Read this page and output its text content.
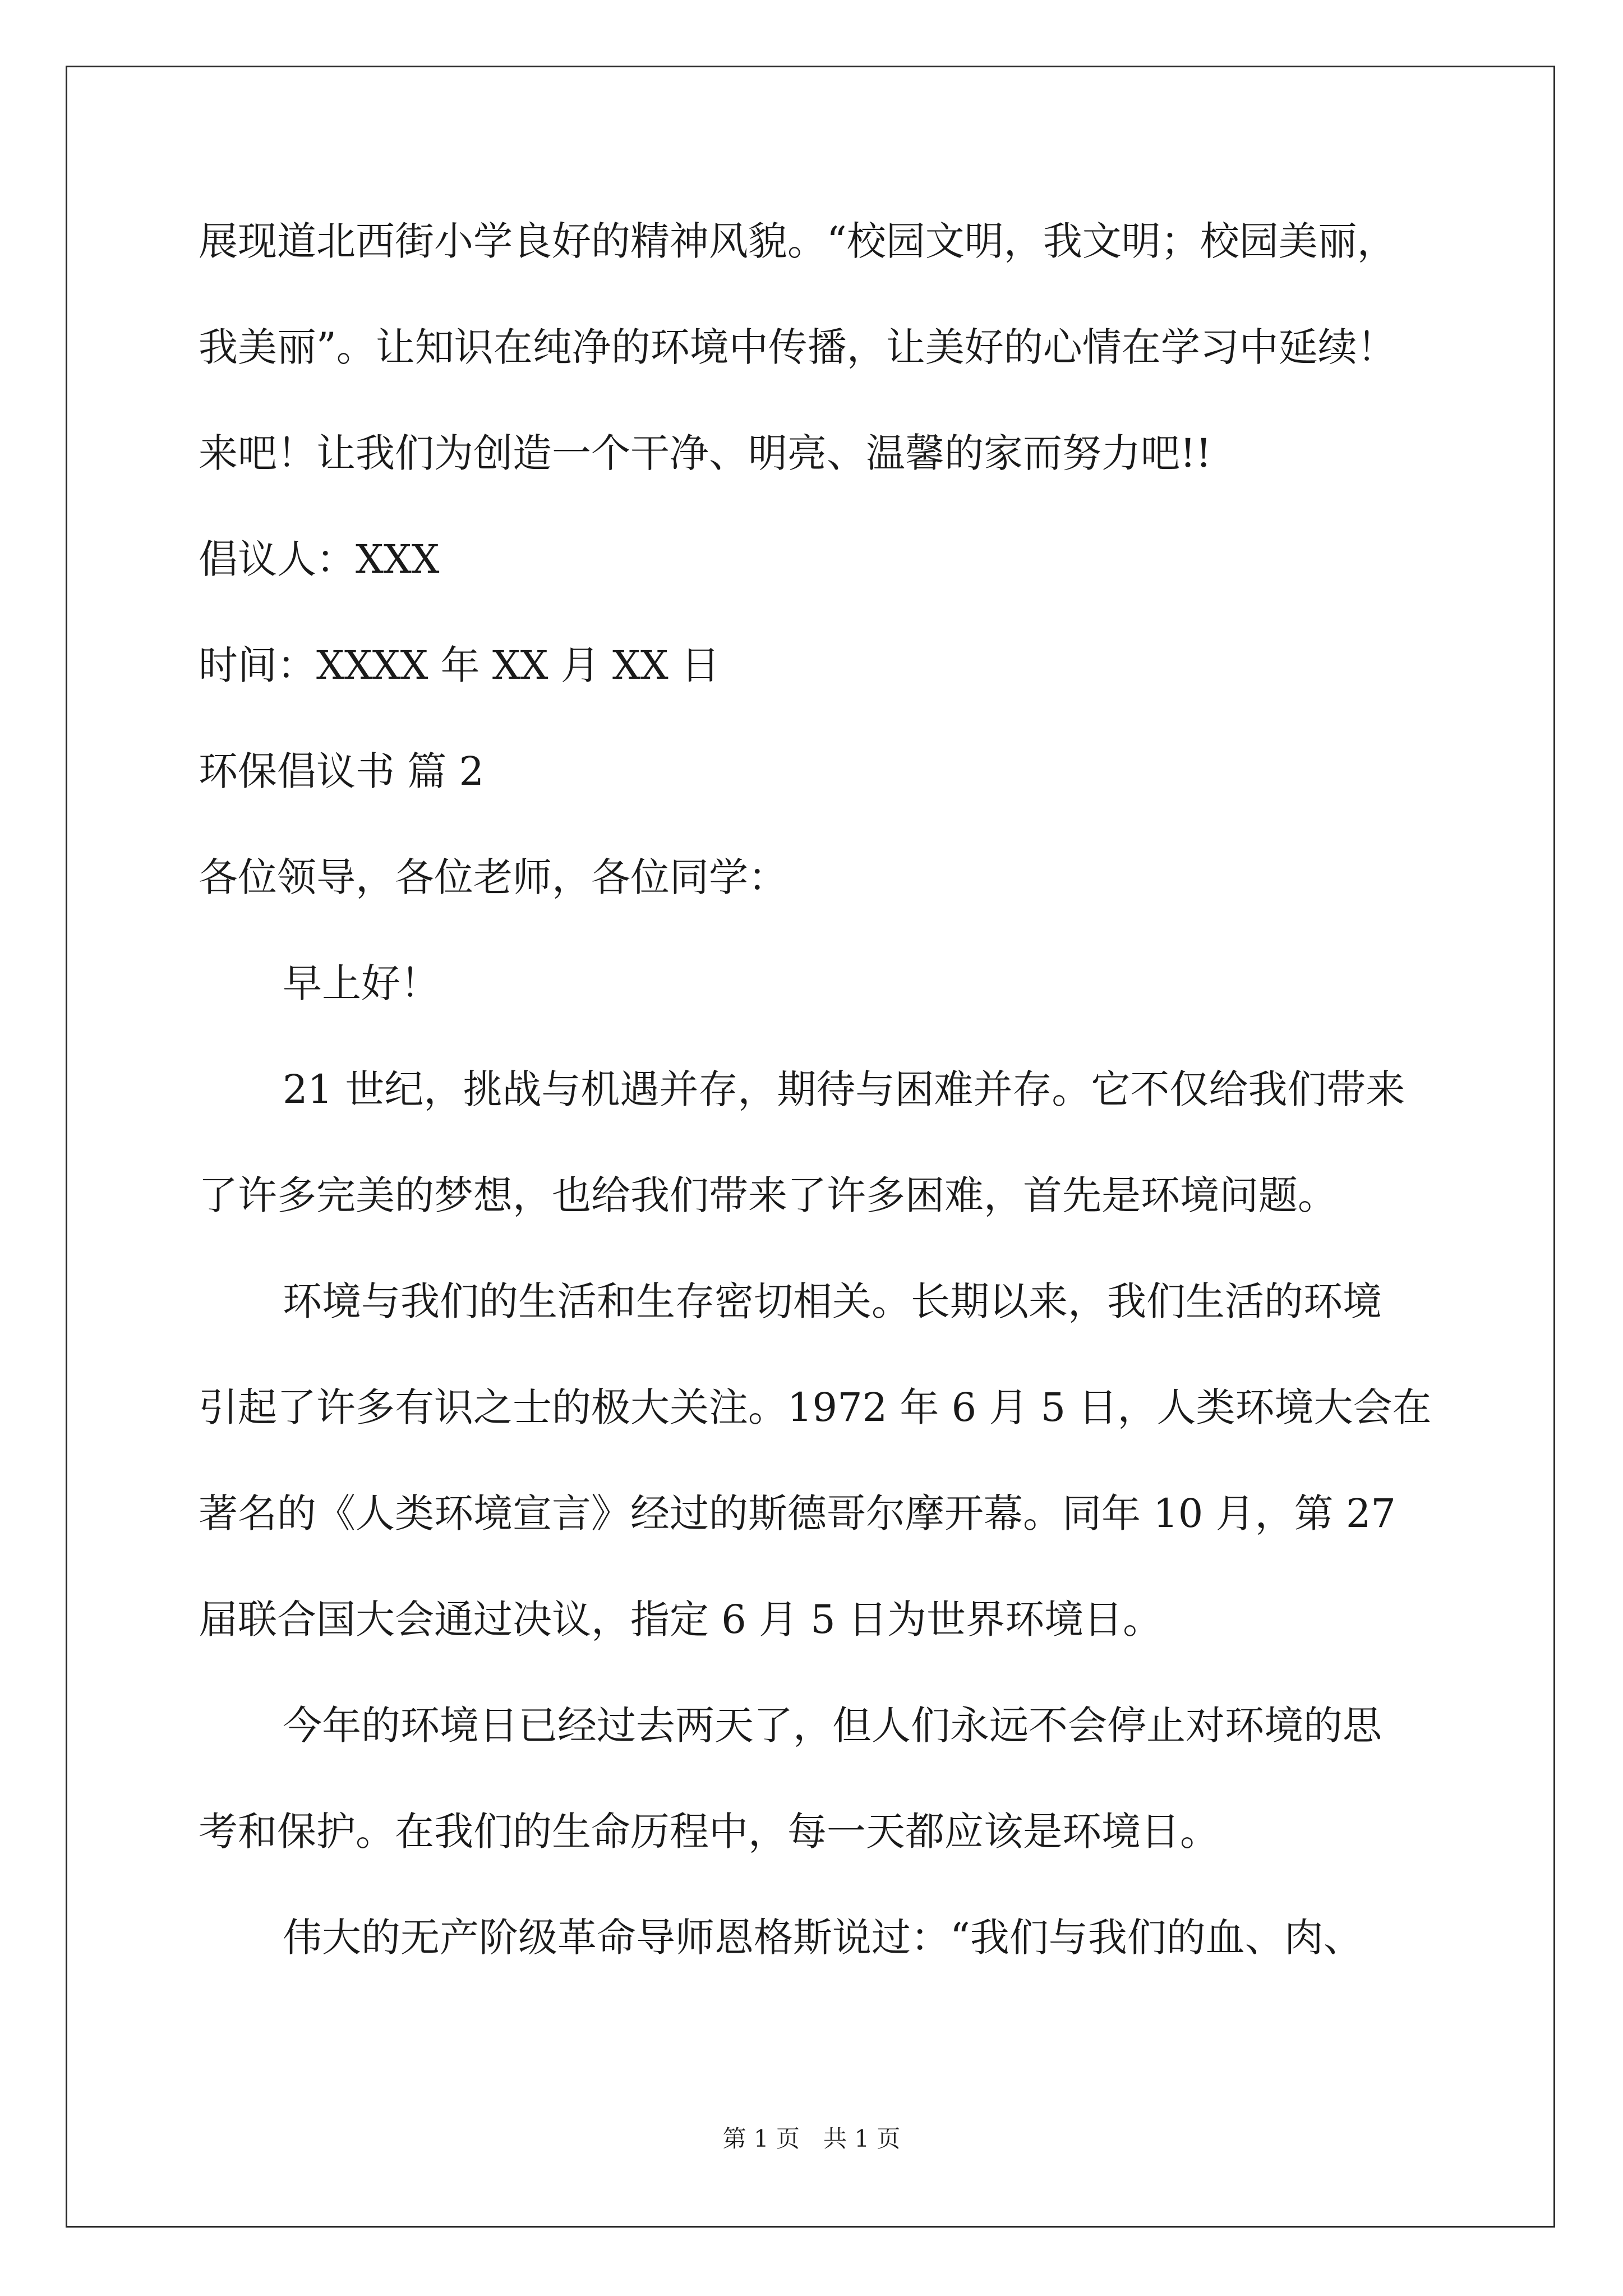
展现道北西街小学良好的精神风貌。“校园文明，我文明；校园美丽，
我美丽”。让知识在纯净的环境中传播，让美好的心情在学习中延续！
来吧！让我们为创造一个干净、明亮、温馨的家而努力吧!!
倡议人：XXX
时间：XXXX 年 XX 月 XX 日
环保倡议书 篇 2
各位领导，各位老师，各位同学：
早上好！
21 世纪，挑战与机遇并存，期待与困难并存。它不仅给我们带来
了许多完美的梦想，也给我们带来了许多困难，首先是环境问题。
环境与我们的生活和生存密切相关。长期以来，我们生活的环境
引起了许多有识之士的极大关注。1972 年 6 月 5 日，人类环境大会在
著名的《人类环境宣言》经过的斯德哥尔摩开幕。同年 10 月，第 27
届联合国大会通过决议，指定 6 月 5 日为世界环境日。
今年的环境日已经过去两天了，但人们永远不会停止对环境的思
考和保护。在我们的生命历程中，每一天都应该是环境日。
伟大的无产阶级革命导师恩格斯说过：“我们与我们的血、肉、
第 1 页　共 1 页
